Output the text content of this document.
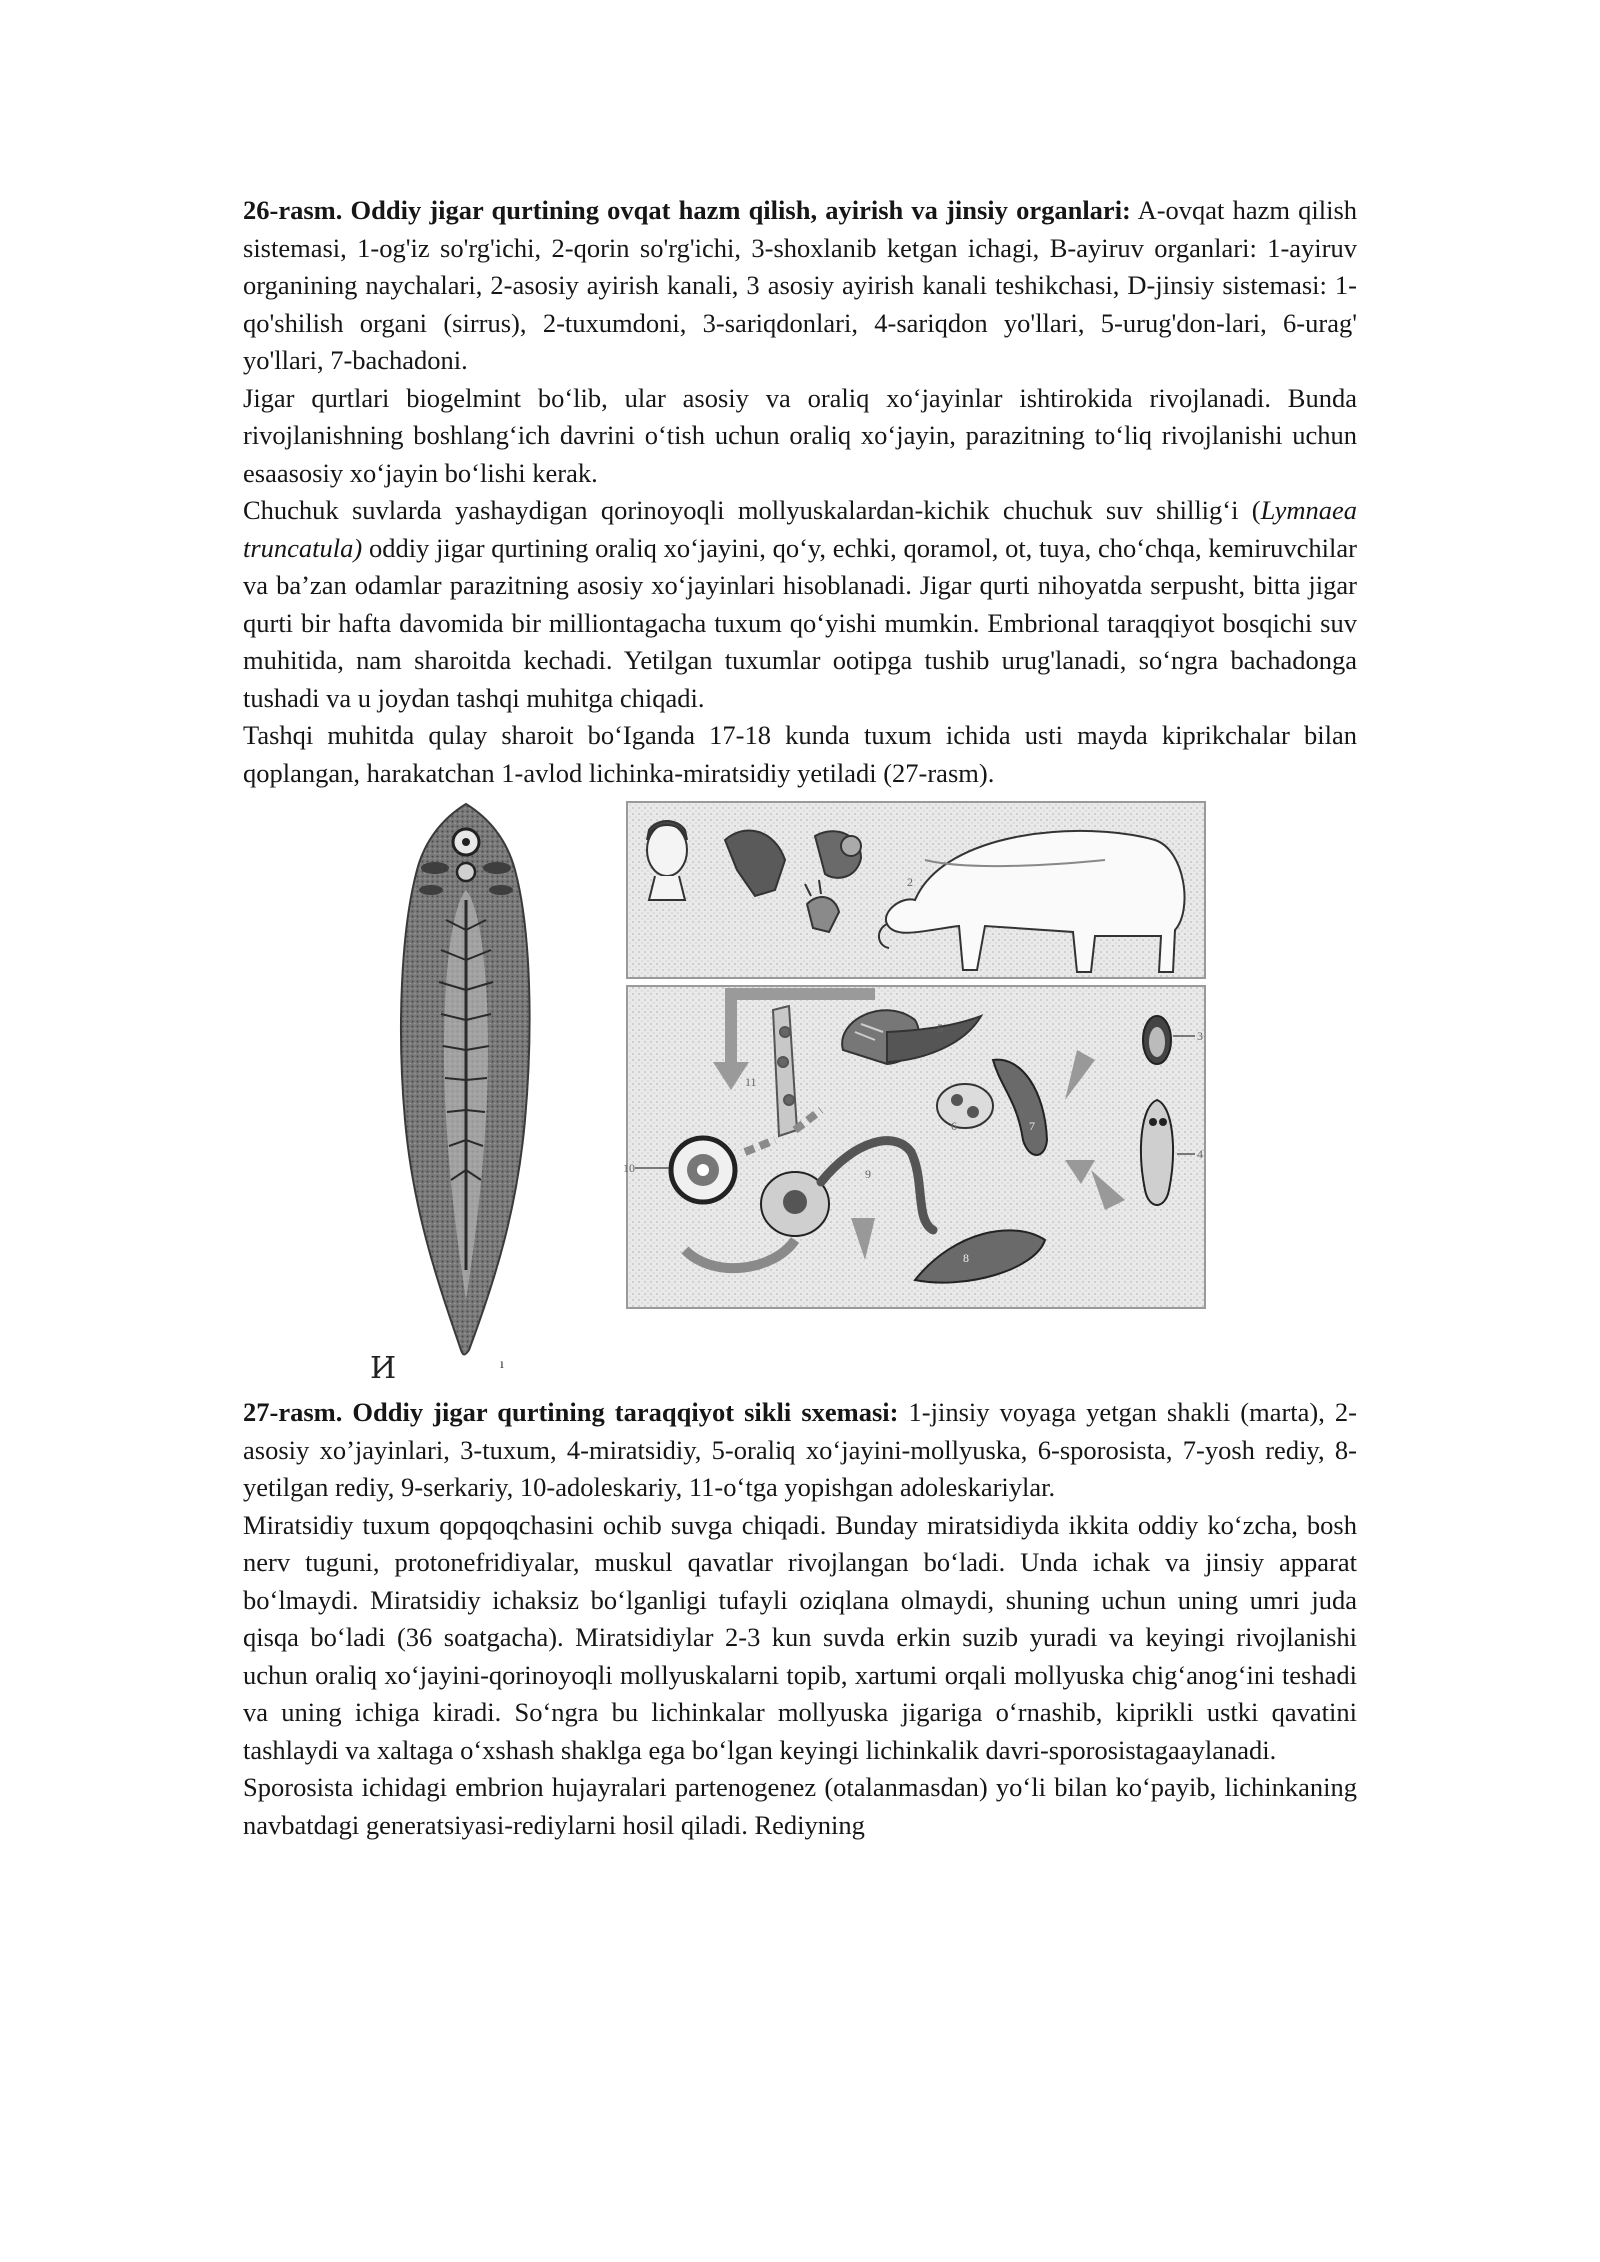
26-rasm. Oddiy jigar qurtining ovqat hazm qilish, ayirish va jinsiy organlari: A-ovqat hazm qilish sistemasi, 1-og'iz so'rg'ichi, 2-qorin so'rg'ichi, 3-shoxlanib ketgan ichagi, B-ayiruv organlari: 1-ayiruv organining naychalari, 2-asosiy ayirish kanali, 3 asosiy ayirish kanali teshikchasi, D-jinsiy sistemasi: 1-qo'shilish organi (sirrus), 2-tuxumdoni, 3-sariqdonlari, 4-sariqdon yo'llari, 5-urug'don-lari, 6-urag' yo'llari, 7-bachadoni.

Jigar qurtlari biogelmint bo‘lib, ular asosiy va oraliq xo‘jayinlar ishtirokida rivojlanadi. Bunda rivojlanishning boshlang‘ich davrini o‘tish uchun oraliq xo‘jayin, parazitning to‘liq rivojlanishi uchun esaasosiy xo‘jayin bo‘lishi kerak.

Chuchuk suvlarda yashaydigan qorinoyoqli mollyuskalardan-kichik chuchuk suv shillig‘i (Lymnaea truncatula) oddiy jigar qurtining oraliq xo‘jayini, qo‘y, echki, qoramol, ot, tuya, cho‘chqa, kemiruvchilar va ba’zan odamlar parazitning asosiy xo‘jayinlari hisoblanadi. Jigar qurti nihoyatda serpusht, bitta jigar qurti bir hafta davomida bir milliontagacha tuxum qo‘yishi mumkin. Embrional taraqqiyot bosqichi suv muhitida, nam sharoitda kechadi. Yetilgan tuxumlar ootipga tushib urug'lanadi, so‘ngra bachadonga tushadi va u joydan tashqi muhitga chiqadi.

Tashqi muhitda qulay sharoit bo‘Iganda 17-18 kunda tuxum ichida usti mayda kiprikchalar bilan qoplangan, harakatchan 1-avlod lichinka-miratsidiy yetiladi (27-rasm).

2
11
5
3
4
6	7
8
9
10
И	ı

27-rasm. Oddiy jigar qurtining taraqqiyot sikli sxemasi: 1-jinsiy voyaga yetgan shakli (marta), 2-asosiy xo’jayinlari, 3-tuxum, 4-miratsidiy, 5-oraliq xo‘jayini-mollyuska, 6-sporosista, 7-yosh rediy, 8-yetilgan rediy, 9-serkariy, 10-adoleskariy, 11-o‘tga yopishgan adoleskariylar.

Miratsidiy tuxum qopqoqchasini ochib suvga chiqadi. Bunday miratsidiyda ikkita oddiy ko‘zcha, bosh nerv tuguni, protonefridiyalar, muskul qavatlar rivojlangan bo‘ladi. Unda ichak va jinsiy apparat bo‘lmaydi. Miratsidiy ichaksiz bo‘lganligi tufayli oziqlana olmaydi, shuning uchun uning umri juda qisqa bo‘ladi (36 soatgacha). Miratsidiylar 2-3 kun suvda erkin suzib yuradi va keyingi rivojlanishi uchun oraliq xo‘jayini-qorinoyoqli mollyuskalarni topib, xartumi orqali mollyuska chig‘anog‘ini teshadi va uning ichiga kiradi. So‘ngra bu lichinkalar mollyuska jigariga o‘rnashib, kiprikli ustki qavatini tashlaydi va xaltaga o‘xshash shaklga ega bo‘lgan keyingi lichinkalik davri-sporosistagaaylanadi.

Sporosista ichidagi embrion hujayralari partenogenez (otalanmasdan) yo‘li bilan ko‘payib, lichinkaning navbatdagi generatsiyasi-rediylarni hosil qiladi. Rediyning
